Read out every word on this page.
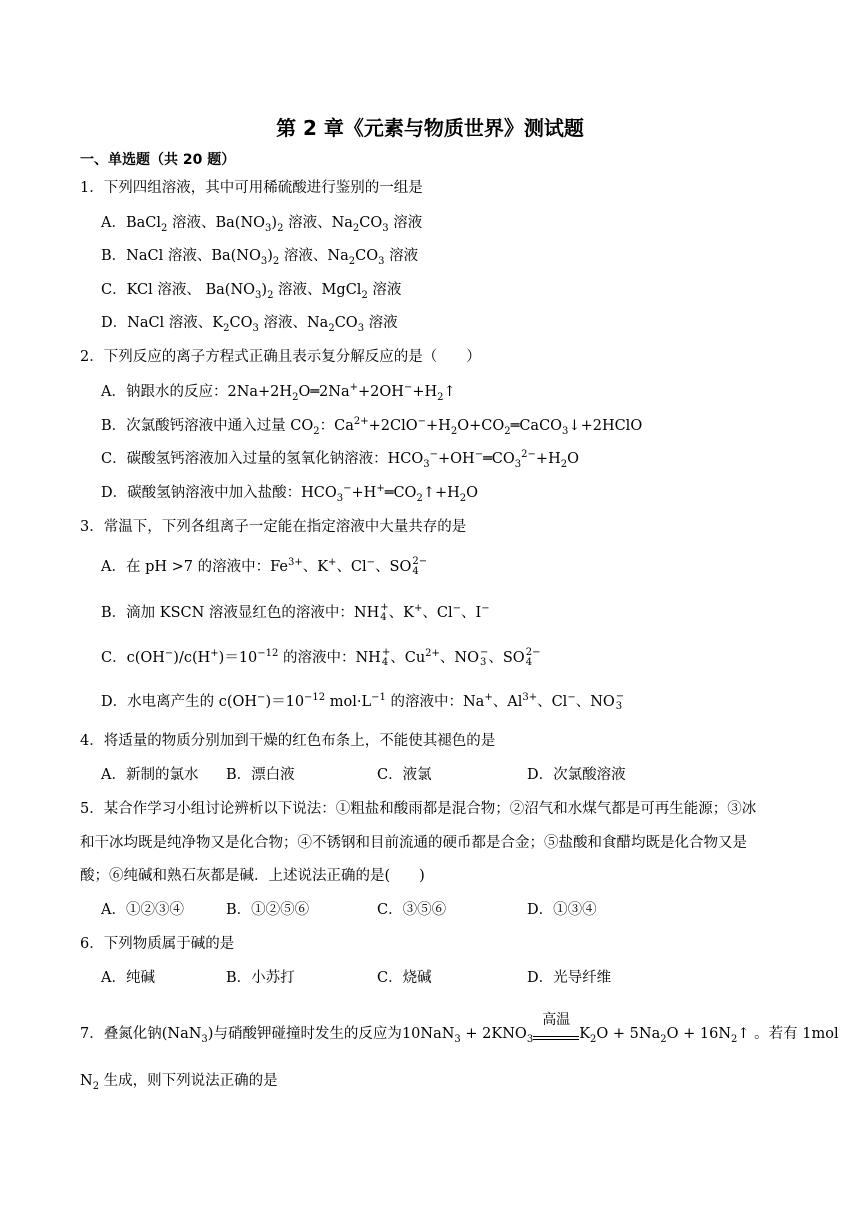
第 2 章《元素与物质世界》测试题
一、单选题（共 20 题）
1．下列四组溶液，其中可用稀硫酸进行鉴别的一组是
A．BaCl$_2$ 溶液、$Ba(NO_3)_2$ 溶液、$Na_2CO_3$ 溶液
B．NaCl 溶液、$Ba(NO_3)_2$ 溶液、$Na_2CO_3$ 溶液
C．KCl 溶液、 $Ba(NO_3)_2$ 溶液、MgCl$_2$ 溶液
D．NaCl 溶液、$K_2CO_3$ 溶液、$Na_2CO_3$ 溶液
2．下列反应的离子方程式正确且表示复分解反应的是（　　）
A．钠跟水的反应：$2Na+2H_2O═2Na^++2OH^-+H_2↑$
B．次氯酸钙溶液中通入过量 $CO_2$：$Ca^{2+}+2ClO^-+H_2O+CO_2═CaCO_3↓+2HClO$
C．碳酸氢钙溶液加入过量的氢氧化钠溶液：$HCO_3^-+OH^-═CO_3^{2-}+H_2O$
D．碳酸氢钠溶液中加入盐酸：$HCO_3^-+H^+═CO_2↑+H_2O$
3．常温下，下列各组离子一定能在指定溶液中大量共存的是
A．在 pH >7 的溶液中：$Fe^{3+}$、K+、Cl−、SO 2−
4
B．滴加 KSCN 溶液显红色的溶液中：NH +
4 、K+、Cl−、I−
C．$c(OH^-)/c(H^+)=10^{-12}$ 的溶液中：NH +
4 、$Cu^{2+}$、NO −
3 、SO 2−
4
D．水电离产生的 $c(OH^-)=10^{-12}$ $mol\cdot L^{-1}$ 的溶液中：Na+、$Al^{3+}$、Cl−、NO −
3
4．将适量的物质分别加到干燥的红色布条上，不能使其褪色的是
A．新制的氯水 B．漂白液	C．液氯	D．次氯酸溶液
5．某合作学习小组讨论辨析以下说法：①粗盐和酸雨都是混合物；②沼气和水煤气都是可再生能源；③冰
和干冰均既是纯净物又是化合物；④不锈钢和目前流通的硬币都是合金；⑤盐酸和食醋均既是化合物又是
酸；⑥纯碱和熟石灰都是碱．上述说法正确的是(　　)
A．①②③④	B．①②⑤⑥	C．③⑤⑥	D．①③④
6．下列物质属于碱的是
A．纯碱	B．小苏打	C．烧碱	D．光导纤维
7．叠氮化钠(NaN$_3$)与硝酸钾碰撞时发生的反应为$10NaN_3 + 2KNO_3$
高温
$K_2O + 5Na_2O$ + $16N_2↑$ 。若有 1mol
$N_2$ 生成，则下列说法正确的是
